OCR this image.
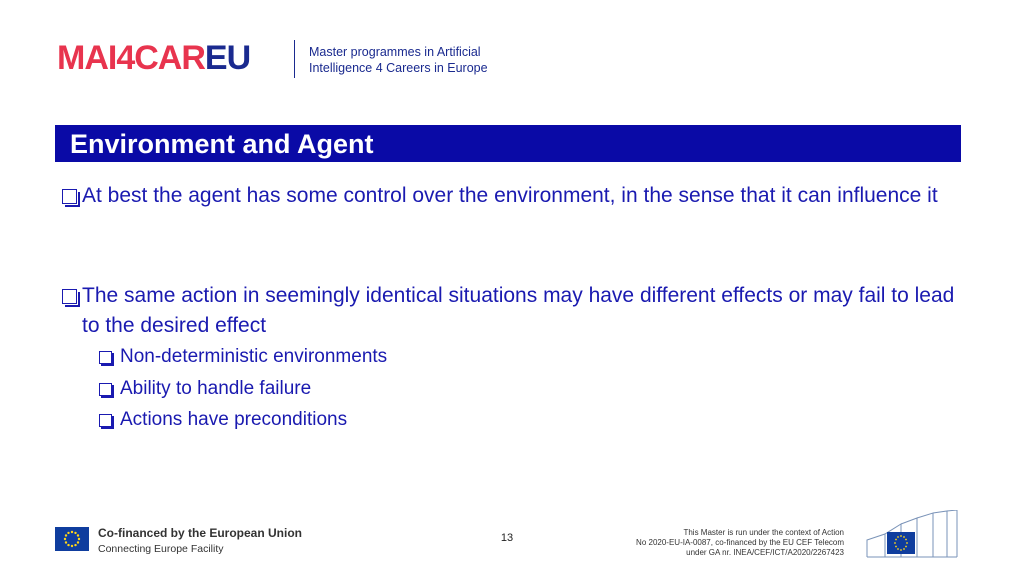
MAI4CAREU	Master programmes in Artificial
Intelligence 4 Careers in Europe
Environment and Agent
At best the agent has some control over the environment, in the sense that it can influence it
The same action in seemingly identical situations may have different effects or may fail to lead to the desired effect
Non-deterministic environments
Ability to handle failure
Actions have preconditions
Co-financed by the European Union
Connecting Europe Facility
13	This Master is run under the context of Action
No 2020-EU-IA-0087, co-financed by the EU CEF Telecom
under GA nr. INEA/CEF/ICT/A2020/2267423
